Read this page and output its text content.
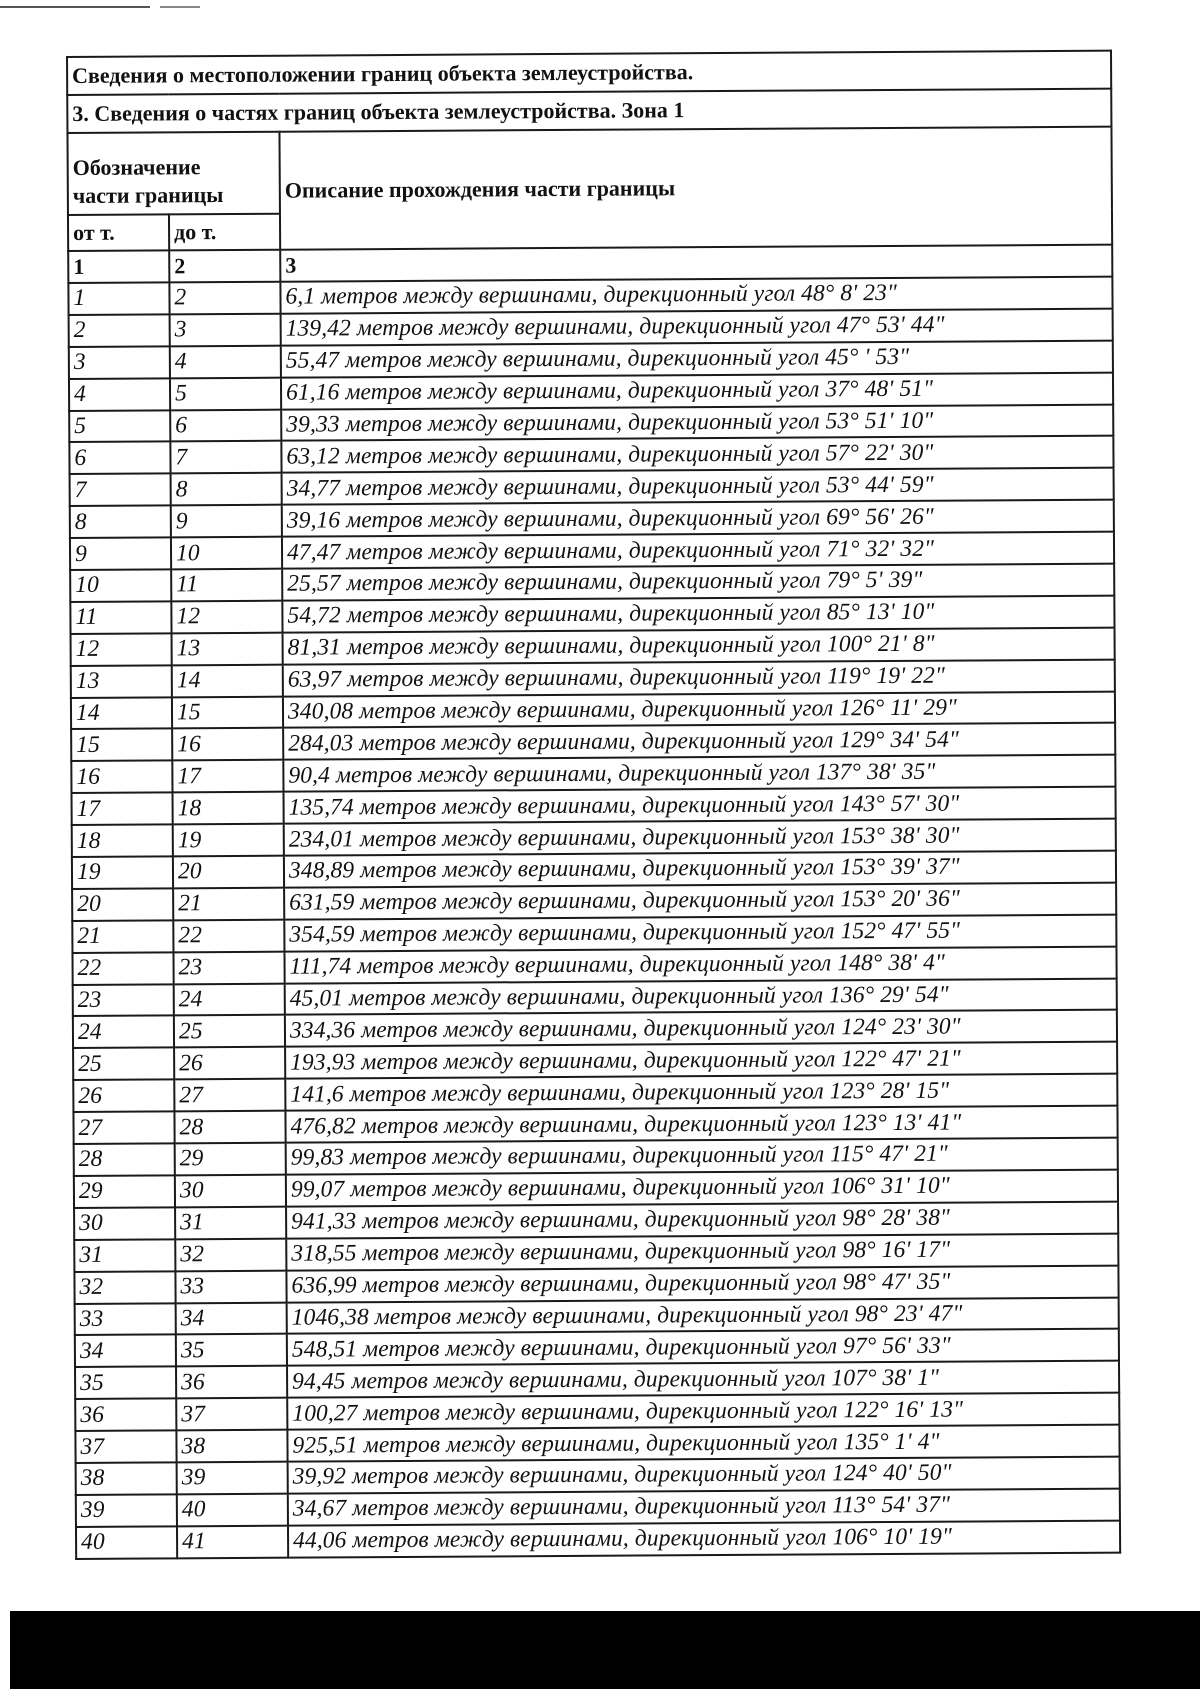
Сведения о местоположении границ объекта землеустройства.		
3. Сведения о частях границ объекта землеустройства. Зона 1		
Обозначение
части границы		Описание прохождения части границы
от т.	до т.	
1	2	3
1	2	6,1 метров между вершинами, дирекционный угол 48° 8' 23"
2	3	139,42 метров между вершинами, дирекционный угол 47° 53' 44"
3	4	55,47 метров между вершинами, дирекционный угол 45° ' 53"
4	5	61,16 метров между вершинами, дирекционный угол 37° 48' 51"
5	6	39,33 метров между вершинами, дирекционный угол 53° 51' 10"
6	7	63,12 метров между вершинами, дирекционный угол 57° 22' 30"
7	8	34,77 метров между вершинами, дирекционный угол 53° 44' 59"
8	9	39,16 метров между вершинами, дирекционный угол 69° 56' 26"
9	10	47,47 метров между вершинами, дирекционный угол 71° 32' 32"
10	11	25,57 метров между вершинами, дирекционный угол 79° 5' 39"
11	12	54,72 метров между вершинами, дирекционный угол 85° 13' 10"
12	13	81,31 метров между вершинами, дирекционный угол 100° 21' 8"
13	14	63,97 метров между вершинами, дирекционный угол 119° 19' 22"
14	15	340,08 метров между вершинами, дирекционный угол 126° 11' 29"
15	16	284,03 метров между вершинами, дирекционный угол 129° 34' 54"
16	17	90,4 метров между вершинами, дирекционный угол 137° 38' 35"
17	18	135,74 метров между вершинами, дирекционный угол 143° 57' 30"
18	19	234,01 метров между вершинами, дирекционный угол 153° 38' 30"
19	20	348,89 метров между вершинами, дирекционный угол 153° 39' 37"
20	21	631,59 метров между вершинами, дирекционный угол 153° 20' 36"
21	22	354,59 метров между вершинами, дирекционный угол 152° 47' 55"
22	23	111,74 метров между вершинами, дирекционный угол 148° 38' 4"
23	24	45,01 метров между вершинами, дирекционный угол 136° 29' 54"
24	25	334,36 метров между вершинами, дирекционный угол 124° 23' 30"
25	26	193,93 метров между вершинами, дирекционный угол 122° 47' 21"
26	27	141,6 метров между вершинами, дирекционный угол 123° 28' 15"
27	28	476,82 метров между вершинами, дирекционный угол 123° 13' 41"
28	29	99,83 метров между вершинами, дирекционный угол 115° 47' 21"
29	30	99,07 метров между вершинами, дирекционный угол 106° 31' 10"
30	31	941,33 метров между вершинами, дирекционный угол 98° 28' 38"
31	32	318,55 метров между вершинами, дирекционный угол 98° 16' 17"
32	33	636,99 метров между вершинами, дирекционный угол 98° 47' 35"
33	34	1046,38 метров между вершинами, дирекционный угол 98° 23' 47"
34	35	548,51 метров между вершинами, дирекционный угол 97° 56' 33"
35	36	94,45 метров между вершинами, дирекционный угол 107° 38' 1"
36	37	100,27 метров между вершинами, дирекционный угол 122° 16' 13"
37	38	925,51 метров между вершинами, дирекционный угол 135° 1' 4"
38	39	39,92 метров между вершинами, дирекционный угол 124° 40' 50"
39	40	34,67 метров между вершинами, дирекционный угол 113° 54' 37"
40	41	44,06 метров между вершинами, дирекционный угол 106° 10' 19"
